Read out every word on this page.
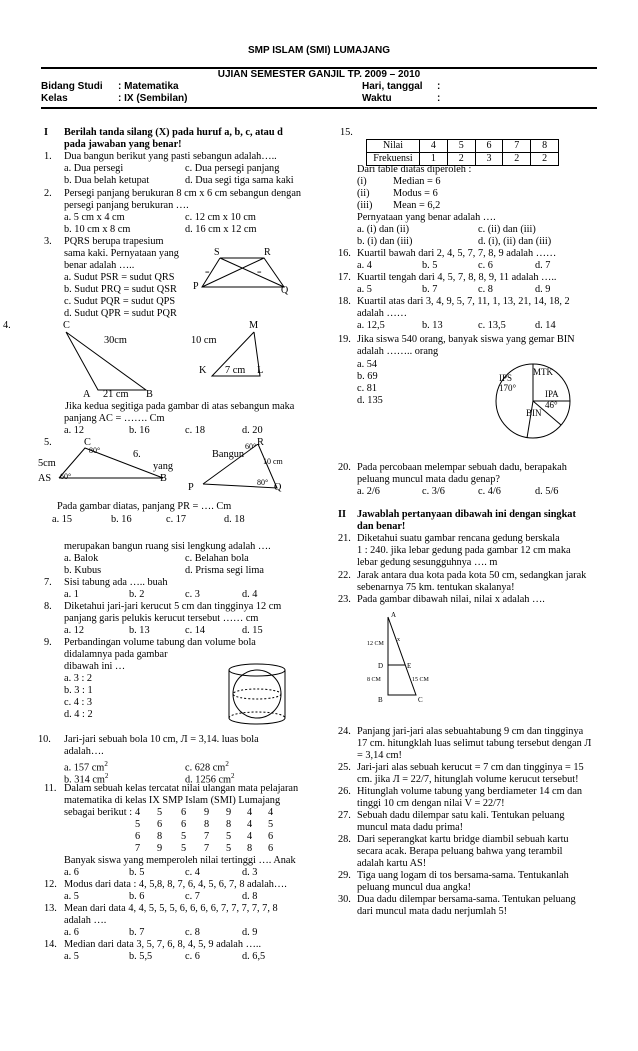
SMP ISLAM (SMI) LUMAJANG
UJIAN SEMESTER GANJIL TP. 2009 – 2010
Bidang Studi : Matematika
Kelas	: IX (Sembilan)
Hari, tanggal :
Waktu	:
I Berilah tanda silang (X) pada huruf a, b, c, atau d
pada jawaban yang benar!
1. Dua bangun berikut yang pasti sebangun adalah…..
a. Dua persegi	c. Dua persegi panjang
b. Dua belah ketupat	d. Dua segi tiga sama kaki
2. Persegi panjang berukuran 8 cm x 6 cm sebangun dengan
persegi panjang berukuran ….
a. 5 cm x 4 cm	c. 12 cm x 10 cm
b. 10 cm x 8 cm	d. 16 cm x 12 cm
3. PQRS berupa trapesium
sama kaki. Pernyataan yang
benar adalah …..
a. Sudut PSR = sudut QRS
b. Sudut PRQ = sudut QSR
c. Sudut PQR = sudut QPS
d. Sudut QPR = sudut PQR
S	R
P	Q
=	=
4.	C	M
30cm	10 cm
K 7 cm L
A 21 cm B
Jika kedua segitiga pada gambar di atas sebangun maka
panjang AC = ……. Cm
a. 12	b. 16	c. 18	d. 20
5.	C	R
80°	6.	Bangun
60°
10 cm
5cm	yang
AS 60°	B
P	80° Q
Pada gambar diatas, panjang PR = …. Cm
a. 15	b. 16	c. 17	d. 18
merupakan bangun ruang sisi lengkung adalah ….
a. Balok	c. Belahan bola
b. Kubus	d. Prisma segi lima
7. Sisi tabung ada ….. buah
a. 1	b. 2	c. 3	d. 4
8. Diketahui jari-jari kerucut 5 cm dan tingginya 12 cm
panjang garis pelukis kerucut tersebut …… cm
a. 12	b. 13	c. 14	d. 15
9. Perbandingan volume tabung dan volume bola
didalamnya pada gambar
dibawah ini …
a. 3 : 2
b. 3 : 1
c. 4 : 3
d. 4 : 2
10. Jari-jari sebuah bola 10 cm, Л = 3,14. luas bola
adalah….
a. 157 $cm^2$	c. 628 $cm^2$
b. 314 $cm^2$	d. 1256 $cm^2$
11. Dalam sebuah kelas tercatat nilai ulangan mata pelajaran
matematika di kelas IX SMP Islam (SMI) Lumajang
sebagai berikut : 4 5 6 9 9 4 4
5 6 6 8 8 4 5
6 8 5 7 5 4 6
7 9 5 7 5 8 6
Banyak siswa yang memperoleh nilai tertinggi …. Anak
a. 6	b. 5	c. 4	d. 3
12. Modus dari data : 4, 5,8, 8, 7, 6, 4, 5, 6, 7, 8 adalah….
a. 5	b. 6	c. 7	d. 8
13. Mean dari data 4, 4, 5, 5, 5, 6, 6, 6, 6, 7, 7, 7, 7, 7, 8
adalah ….
a. 6	b. 7	c. 8	d. 9
14. Median dari data 3, 5, 7, 6, 8, 4, 5, 9 adalah …..
a. 5	b. 5,5	c. 6	d. 6,5
15.
Nilai	4	5	6	7	8
Frekuensi	1	2	3	2	2
Dari table diatas diperoleh :
(i)	Median = 6
(ii) Modus = 6
(iii) Mean = 6,2
Pernyataan yang benar adalah ….
a. (i) dan (ii)	c. (ii) dan (iii)
b. (i) dan (iii)	d. (i), (ii) dan (iii)
16. Kuartil bawah dari 2, 4, 5, 7, 7, 8, 9 adalah ……
a. 4	b. 5	c. 6	d. 7
17. Kuartil tengah dari 4, 5, 7, 8, 8, 9, 11 adalah …..
a. 5	b. 7	c. 8	d. 9
18. Kuartil atas dari 3, 4, 9, 5, 7, 11, 1, 13, 21, 14, 18, 2
adalah ……
a. 12,5	b. 13	c. 13,5	d. 14
19. Jika siswa 540 orang, banyak siswa yang gemar BIN
adalah …….. orang
a. 54
b. 69
c. 81
d. 135
MTK
IPS
170°
IPA
46°
BIN
20. Pada percobaan melempar sebuah dadu, berapakah
peluang muncul mata dadu genap?
a. 2/6	c. 3/6	c. 4/6	d. 5/6
II Jawablah pertanyaan dibawah ini dengan singkat
dan benar!
21. Diketahui suatu gambar rencana gedung berskala
1 : 240. jika lebar gedung pada gambar 12 cm maka
lebar gedung sesungguhnya …. m
22. Jarak antara dua kota pada kota 50 cm, sedangkan jarak
sebenarnya 75 km. tentukan skalanya!
23. Pada gambar dibawah nilai, nilai x adalah ….
A
x
12 CM
D	E
8 CM	15 CM
B	C
24. Panjang jari-jari alas sebuahtabung 9 cm dan tingginya
17 cm. hitungklah luas selimut tabung tersebut dengan Л
= 3,14 cm!
25. Jari-jari alas sebuah kerucut = 7 cm dan tingginya = 15
cm. jika Л = 22/7, hitunglah volume kerucut tersebut!
26. Hitunglah volume tabung yang berdiameter 14 cm dan
tinggi 10 cm dengan nilai V = 22/7!
27. Sebuah dadu dilempar satu kali. Tentukan peluang
muncul mata dadu prima!
28. Dari seperangkat kartu bridge diambil sebuah kartu
secara acak. Berapa peluang bahwa yang terambil
adalah kartu AS!
29. Tiga uang logam di tos bersama-sama. Tentukanlah
peluang muncul dua angka!
30. Dua dadu dilempar bersama-sama. Tentukan peluang
dari muncul mata dadu nerjumlah 5!
